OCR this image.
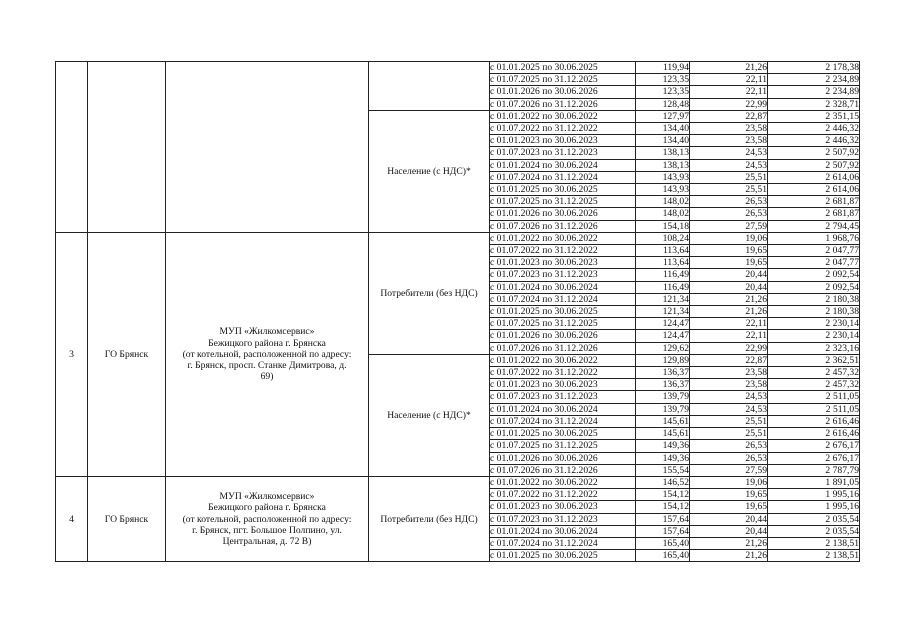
				с 01.01.2025 по 30.06.2025	119,94	21,26	2 178,38
				с 01.07.2025 по 31.12.2025	123,35	22,11	2 234,89
				с 01.01.2026 по 30.06.2026	123,35	22,11	2 234,89
				с 01.07.2026 по 31.12.2026	128,48	22,99	2 328,71
			Население (с НДС)*	с 01.01.2022 по 30.06.2022	127,97	22,87	2 351,15
				с 01.07.2022 по 31.12.2022	134,40	23,58	2 446,32
				с 01.01.2023 по 30.06.2023	134,40	23,58	2 446,32
				с 01.07.2023 по 31.12.2023	138,13	24,53	2 507,92
				с 01.01.2024 по 30.06.2024	138,13	24,53	2 507,92
				с 01.07.2024 по 31.12.2024	143,93	25,51	2 614,06
				с 01.01.2025 по 30.06.2025	143,93	25,51	2 614,06
				с 01.07.2025 по 31.12.2025	148,02	26,53	2 681,87
				с 01.01.2026 по 30.06.2026	148,02	26,53	2 681,87
				с 01.07.2026 по 31.12.2026	154,18	27,59	2 794,45
3	ГО Брянск	МУП «Жилкомсервис»
Бежицкого района г. Брянска
(от котельной, расположенной по адресу:
г. Брянск, просп. Станке Димитрова, д.
69)	Потребители (без НДС)	с 01.01.2022 по 30.06.2022	108,24	19,06	1 968,76
				с 01.07.2022 по 31.12.2022	113,64	19,65	2 047,77
				с 01.01.2023 по 30.06.2023	113,64	19,65	2 047,77
				с 01.07.2023 по 31.12.2023	116,49	20,44	2 092,54
				с 01.01.2024 по 30.06.2024	116,49	20,44	2 092,54
				с 01.07.2024 по 31.12.2024	121,34	21,26	2 180,38
				с 01.01.2025 по 30.06.2025	121,34	21,26	2 180,38
				с 01.07.2025 по 31.12.2025	124,47	22,11	2 230,14
				с 01.01.2026 по 30.06.2026	124,47	22,11	2 230,14
				с 01.07.2026 по 31.12.2026	129,62	22,99	2 323,16
			Население (с НДС)*	с 01.01.2022 по 30.06.2022	129,89	22,87	2 362,51
				с 01.07.2022 по 31.12.2022	136,37	23,58	2 457,32
				с 01.01.2023 по 30.06.2023	136,37	23,58	2 457,32
				с 01.07.2023 по 31.12.2023	139,79	24,53	2 511,05
				с 01.01.2024 по 30.06.2024	139,79	24,53	2 511,05
				с 01.07.2024 по 31.12.2024	145,61	25,51	2 616,46
				с 01.01.2025 по 30.06.2025	145,61	25,51	2 616,46
				с 01.07.2025 по 31.12.2025	149,36	26,53	2 676,17
				с 01.01.2026 по 30.06.2026	149,36	26,53	2 676,17
				с 01.07.2026 по 31.12.2026	155,54	27,59	2 787,79
4	ГО Брянск	МУП «Жилкомсервис»
Бежицкого района г. Брянска
(от котельной, расположенной по адресу:
г. Брянск, пгт. Большое Полпино, ул.
Центральная, д. 72 В)	Потребители (без НДС)	с 01.01.2022 по 30.06.2022	146,52	19,06	1 891,05
				с 01.07.2022 по 31.12.2022	154,12	19,65	1 995,16
				с 01.01.2023 по 30.06.2023	154,12	19,65	1 995,16
				с 01.07.2023 по 31.12.2023	157,64	20,44	2 035,54
				с 01.01.2024 по 30.06.2024	157,64	20,44	2 035,54
				с 01.07.2024 по 31.12.2024	165,40	21,26	2 138,51
				с 01.01.2025 по 30.06.2025	165,40	21,26	2 138,51
